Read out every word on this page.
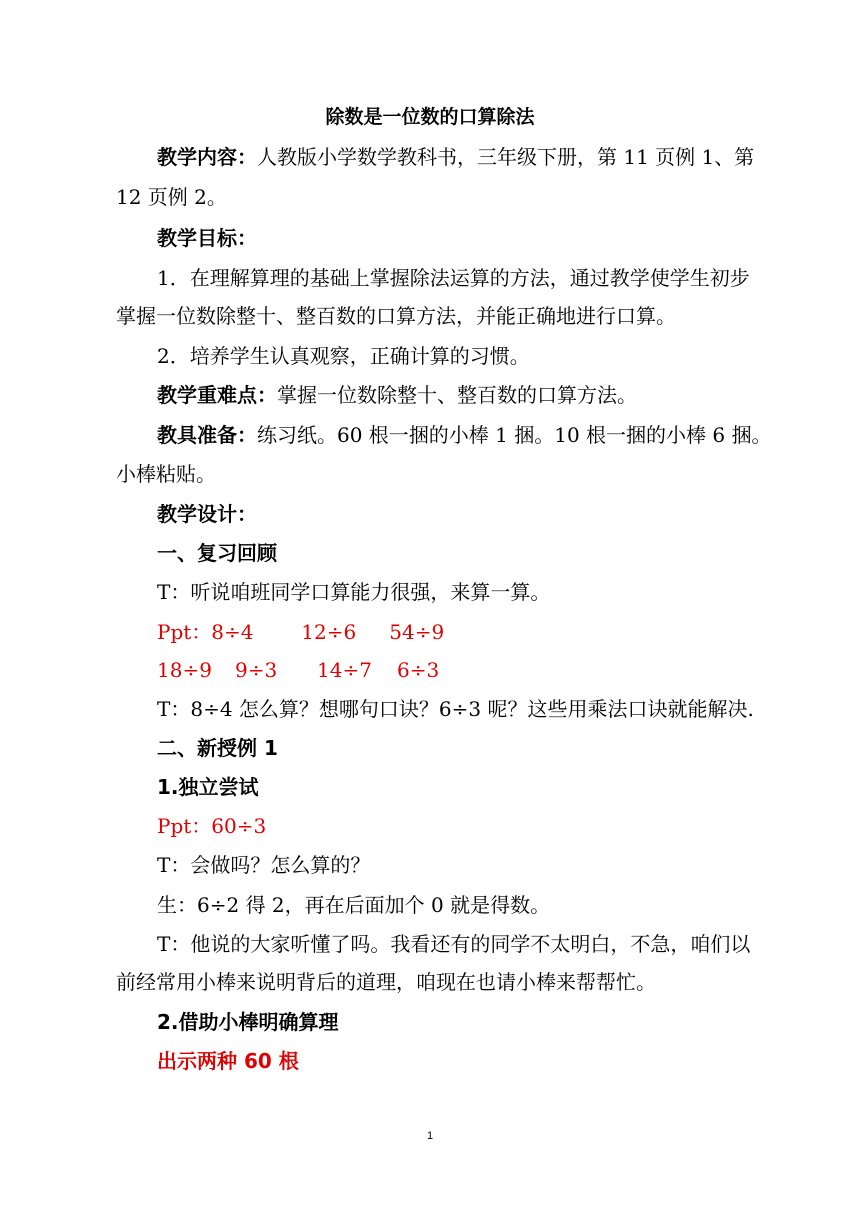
除数是一位数的口算除法
教学内容：人教版小学数学教科书，三年级下册，第 11 页例 1、第
12 页例 2。
教学目标：
1．在理解算理的基础上掌握除法运算的方法，通过教学使学生初步
掌握一位数除整十、整百数的口算方法，并能正确地进行口算。
2．培养学生认真观察，正确计算的习惯。
教学重难点：掌握一位数除整十、整百数的口算方法。
教具准备：练习纸。60 根一捆的小棒 1 捆。10 根一捆的小棒 6 捆。
小棒粘贴。
教学设计：
一、复习回顾
T：听说咱班同学口算能力很强，来算一算。
Ppt：8÷4 12÷6 54÷9
18÷9 9÷3 14÷7 6÷3
T：8÷4 怎么算？想哪句口诀？6÷3 呢？这些用乘法口诀就能解决.
二、新授例 1
1.独立尝试
Ppt：60÷3
T：会做吗？怎么算的？
生：6÷2 得 2，再在后面加个 0 就是得数。
T：他说的大家听懂了吗。我看还有的同学不太明白，不急，咱们以
前经常用小棒来说明背后的道理，咱现在也请小棒来帮帮忙。
2.借助小棒明确算理
出示两种 60 根
1
